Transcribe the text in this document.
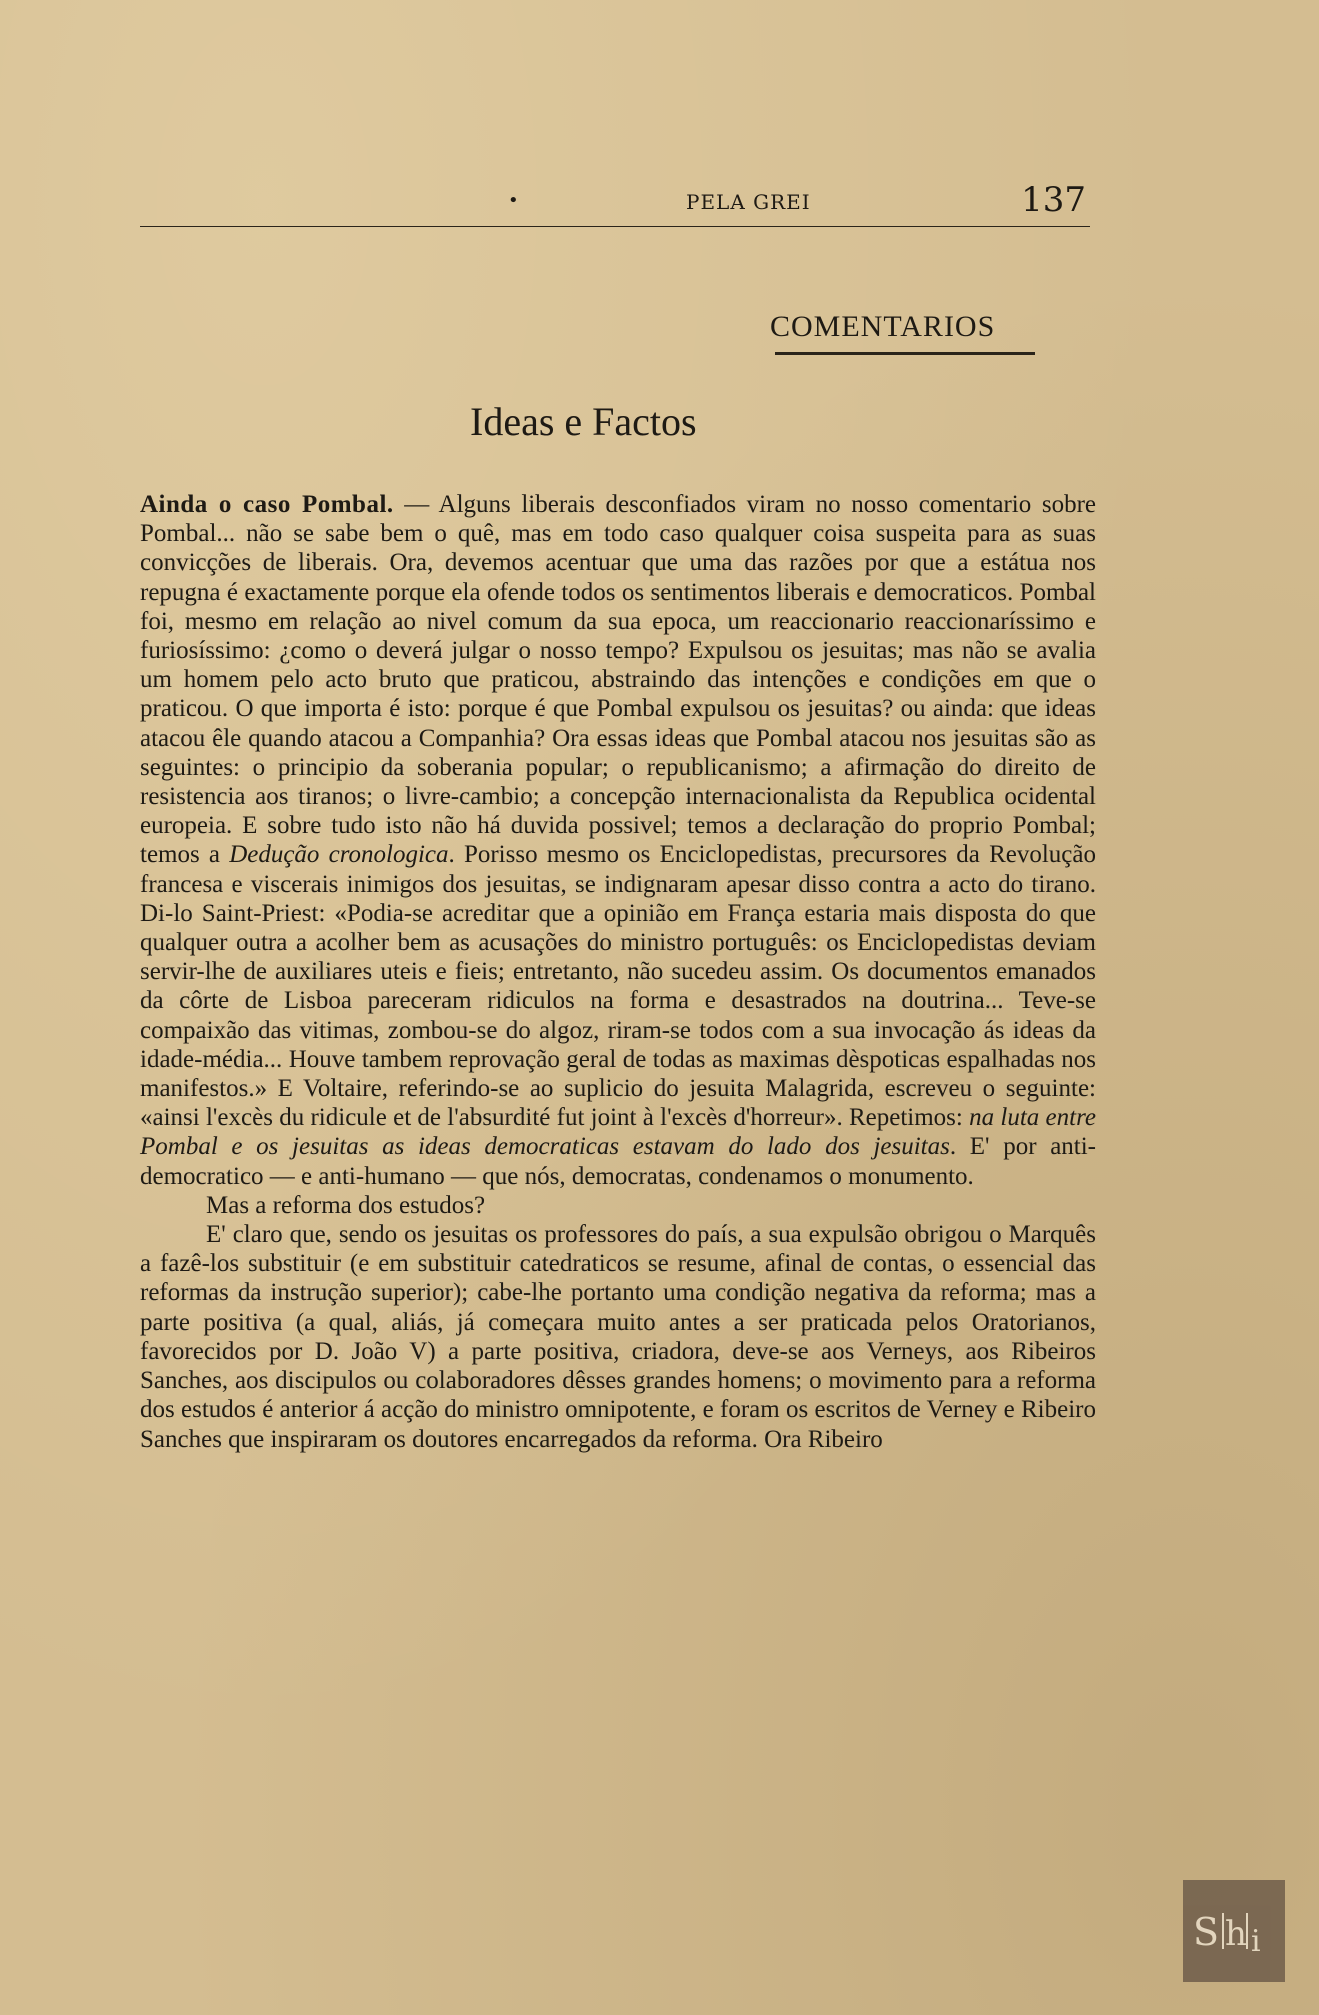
•	PELA GREI	137
COMENTARIOS
Ideas e Factos

Ainda o caso Pombal. — Alguns liberais desconfiados viram no nosso comentario sobre Pombal... não se sabe bem o quê, mas em todo caso qualquer coisa suspeita para as suas convicções de liberais. Ora, devemos acentuar que uma das razões por que a estátua nos repugna é exactamente porque ela ofende todos os sentimentos liberais e democraticos. Pombal foi, mesmo em relação ao nivel comum da sua epoca, um reaccionario reaccionaríssimo e furiosíssimo: ¿como o deverá julgar o nosso tempo? Expulsou os jesuitas; mas não se avalia um homem pelo acto bruto que praticou, abstraindo das intenções e condições em que o praticou. O que importa é isto: porque é que Pombal expulsou os jesuitas? ou ainda: que ideas atacou êle quando atacou a Companhia? Ora essas ideas que Pombal atacou nos jesuitas são as seguintes: o principio da soberania popular; o republicanismo; a afirmação do direito de resistencia aos tiranos; o livre-cambio; a concepção internacionalista da Republica ocidental europeia. E sobre tudo isto não há duvida possivel; temos a declaração do proprio Pombal; temos a Dedução cronologica. Porisso mesmo os Enciclopedistas, precursores da Revolução francesa e viscerais inimigos dos jesuitas, se indignaram apesar disso contra a acto do tirano. Di-lo Saint-Priest: «Podia-se acreditar que a opinião em França estaria mais disposta do que qualquer outra a acolher bem as acusações do ministro português: os Enciclopedistas deviam servir-lhe de auxiliares uteis e fieis; entretanto, não sucedeu assim. Os documentos emanados da côrte de Lisboa pareceram ridiculos na forma e desastrados na doutrina... Teve-se compaixão das vitimas, zombou-se do algoz, riram-se todos com a sua invocação ás ideas da idade-média... Houve tambem reprovação geral de todas as maximas dèspoticas espalhadas nos manifestos.» E Voltaire, referindo-se ao suplicio do jesuita Malagrida, escreveu o seguinte: «ainsi l'excès du ridicule et de l'absurdité fut joint à l'excès d'horreur». Repetimos: na luta entre Pombal e os jesuitas as ideas democraticas estavam do lado dos jesuitas. E' por anti-democratico — e anti-humano — que nós, democratas, condenamos o monumento.

Mas a reforma dos estudos?

E' claro que, sendo os jesuitas os professores do país, a sua expulsão obrigou o Marquês a fazê-los substituir (e em substituir catedraticos se resume, afinal de contas, o essencial das reformas da instrução superior); cabe-lhe portanto uma condição negativa da reforma; mas a parte positiva (a qual, aliás, já começara muito antes a ser praticada pelos Oratorianos, favorecidos por D. João V) a parte positiva, criadora, deve-se aos Verneys, aos Ribeiros Sanches, aos discipulos ou colaboradores dêsses grandes homens; o movimento para a reforma dos estudos é anterior á acção do ministro omnipotente, e foram os escritos de Verney e Ribeiro Sanches que inspiraram os doutores encarregados da reforma. Ora Ribeiro

S h i
